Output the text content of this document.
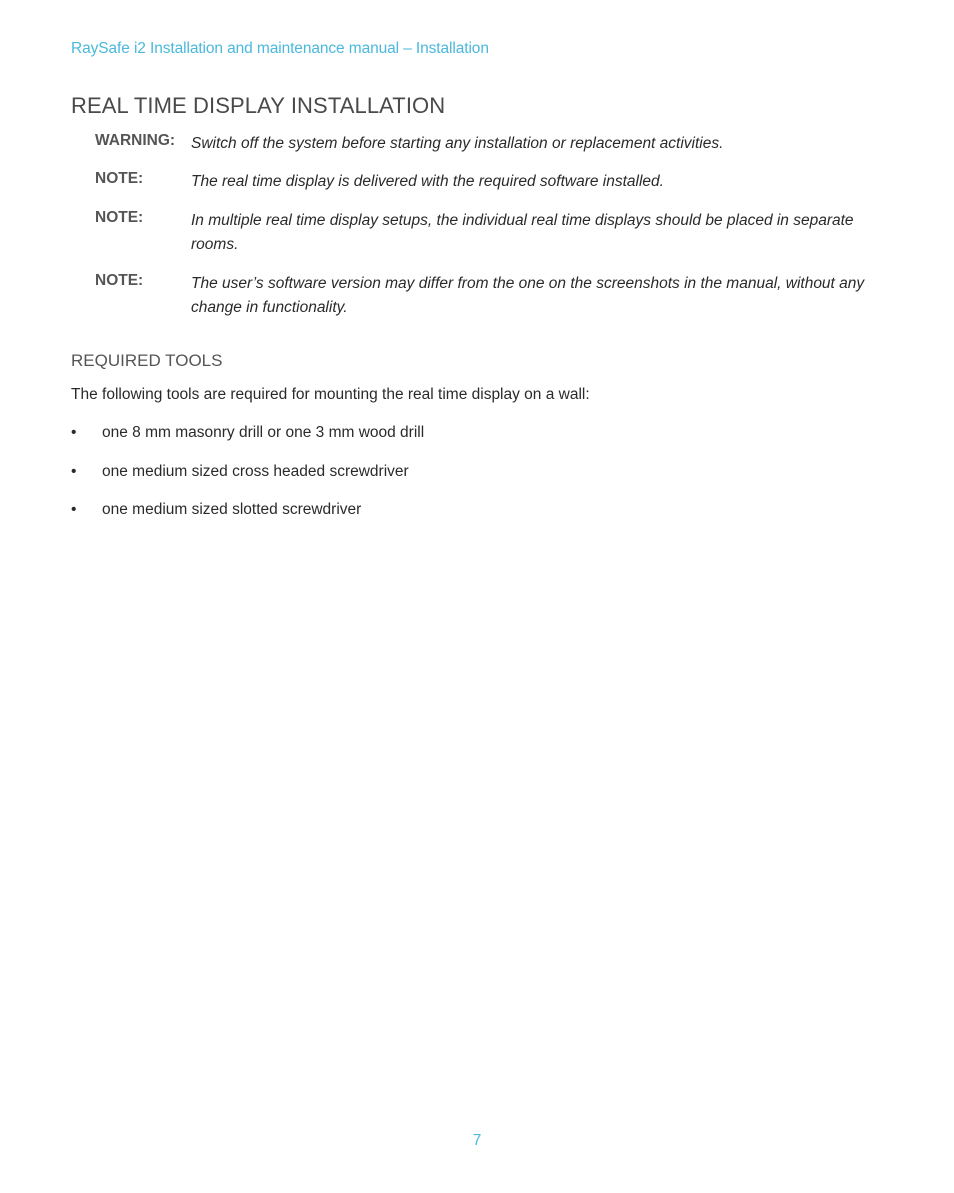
RaySafe i2 Installation and maintenance manual – Installation
REAL TIME DISPLAY INSTALLATION
WARNING: Switch off the system before starting any installation or replacement activities.
NOTE:	The real time display is delivered with the required software installed.
NOTE:	In multiple real time display setups, the individual real time displays should be placed in separate rooms.
NOTE:	The user’s software version may differ from the one on the screenshots in the manual, without any change in functionality.
REQUIRED TOOLS

The following tools are required for mounting the real time display on a wall:

• one 8 mm masonry drill or one 3 mm wood drill
• one medium sized cross headed screwdriver
• one medium sized slotted screwdriver
7
